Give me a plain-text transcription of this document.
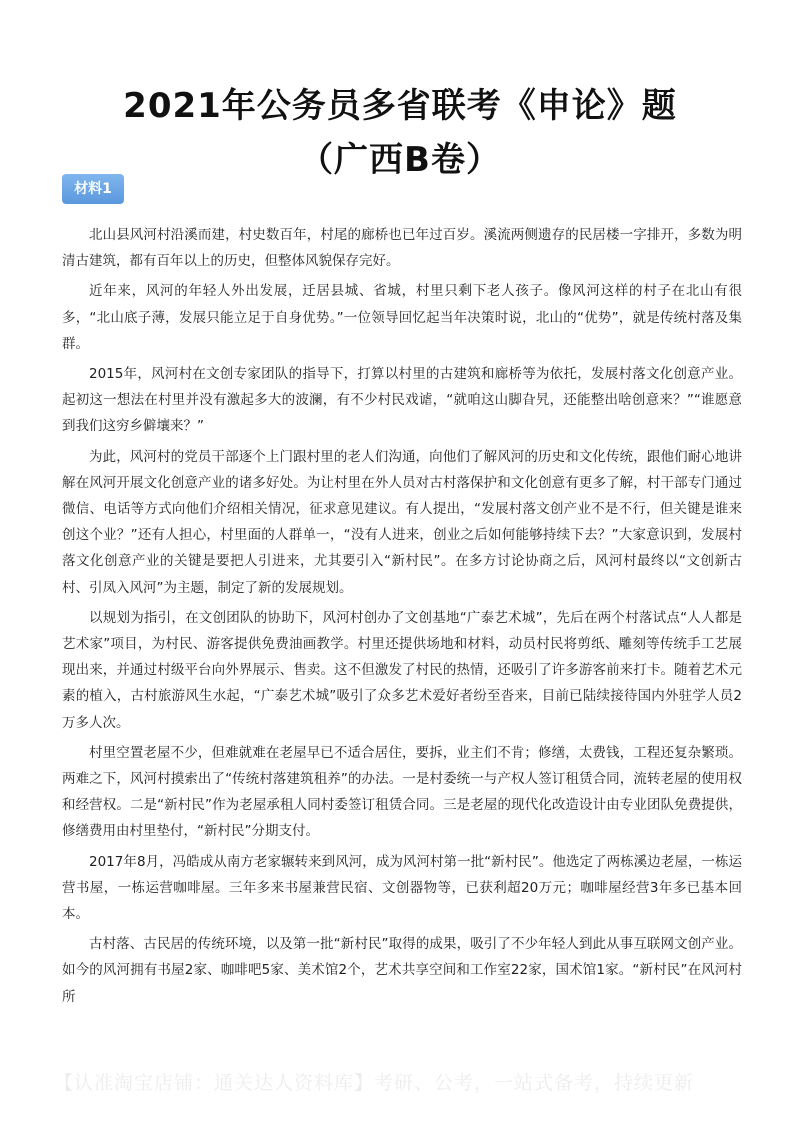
2021年公务员多省联考《申论》题
（广西B卷）
材料1

北山县风河村沿溪而建，村史数百年，村尾的廊桥也已年过百岁。溪流两侧遗存的民居楼一字排开，多数为明清古建筑，都有百年以上的历史，但整体风貌保存完好。

近年来，风河的年轻人外出发展，迁居县城、省城，村里只剩下老人孩子。像风河这样的村子在北山有很多，“北山底子薄，发展只能立足于自身优势。”一位领导回忆起当年决策时说，北山的“优势”，就是传统村落及集群。

2015年，风河村在文创专家团队的指导下，打算以村里的古建筑和廊桥等为依托，发展村落文化创意产业。起初这一想法在村里并没有激起多大的波澜，有不少村民戏谑，“就咱这山脚旮旯，还能整出啥创意来？”“谁愿意到我们这穷乡僻壤来？”

为此，风河村的党员干部逐个上门跟村里的老人们沟通，向他们了解风河的历史和文化传统，跟他们耐心地讲解在风河开展文化创意产业的诸多好处。为让村里在外人员对古村落保护和文化创意有更多了解，村干部专门通过微信、电话等方式向他们介绍相关情况，征求意见建议。有人提出，“发展村落文创产业不是不行，但关键是谁来创这个业？”还有人担心，村里面的人群单一，“没有人进来，创业之后如何能够持续下去？”大家意识到，发展村落文化创意产业的关键是要把人引进来，尤其要引入“新村民”。在多方讨论协商之后，风河村最终以“文创新古村、引凤入风河”为主题，制定了新的发展规划。

以规划为指引，在文创团队的协助下，风河村创办了文创基地“广泰艺术城”，先后在两个村落试点“人人都是艺术家”项目，为村民、游客提供免费油画教学。村里还提供场地和材料，动员村民将剪纸、雕刻等传统手工艺展现出来，并通过村级平台向外界展示、售卖。这不但激发了村民的热情，还吸引了许多游客前来打卡。随着艺术元素的植入，古村旅游风生水起，“广泰艺术城”吸引了众多艺术爱好者纷至沓来，目前已陆续接待国内外驻学人员2万多人次。

村里空置老屋不少，但难就难在老屋早已不适合居住，要拆，业主们不肯；修缮，太费钱，工程还复杂繁琐。两难之下，风河村摸索出了“传统村落建筑租养”的办法。一是村委统一与产权人签订租赁合同，流转老屋的使用权和经营权。二是“新村民”作为老屋承租人同村委签订租赁合同。三是老屋的现代化改造设计由专业团队免费提供，修缮费用由村里垫付，“新村民”分期支付。

2017年8月，冯皓成从南方老家辗转来到风河，成为风河村第一批“新村民”。他选定了两栋溪边老屋，一栋运营书屋，一栋运营咖啡屋。三年多来书屋兼营民宿、文创器物等，已获利超20万元；咖啡屋经营3年多已基本回本。

古村落、古民居的传统环境，以及第一批“新村民”取得的成果，吸引了不少年轻人到此从事互联网文创产业。如今的风河拥有书屋2家、咖啡吧5家、美术馆2个，艺术共享空间和工作室22家，国术馆1家。“新村民”在风河村所

【认准淘宝店铺：通关达人资料库】考研、公考，一站式备考，持续更新
